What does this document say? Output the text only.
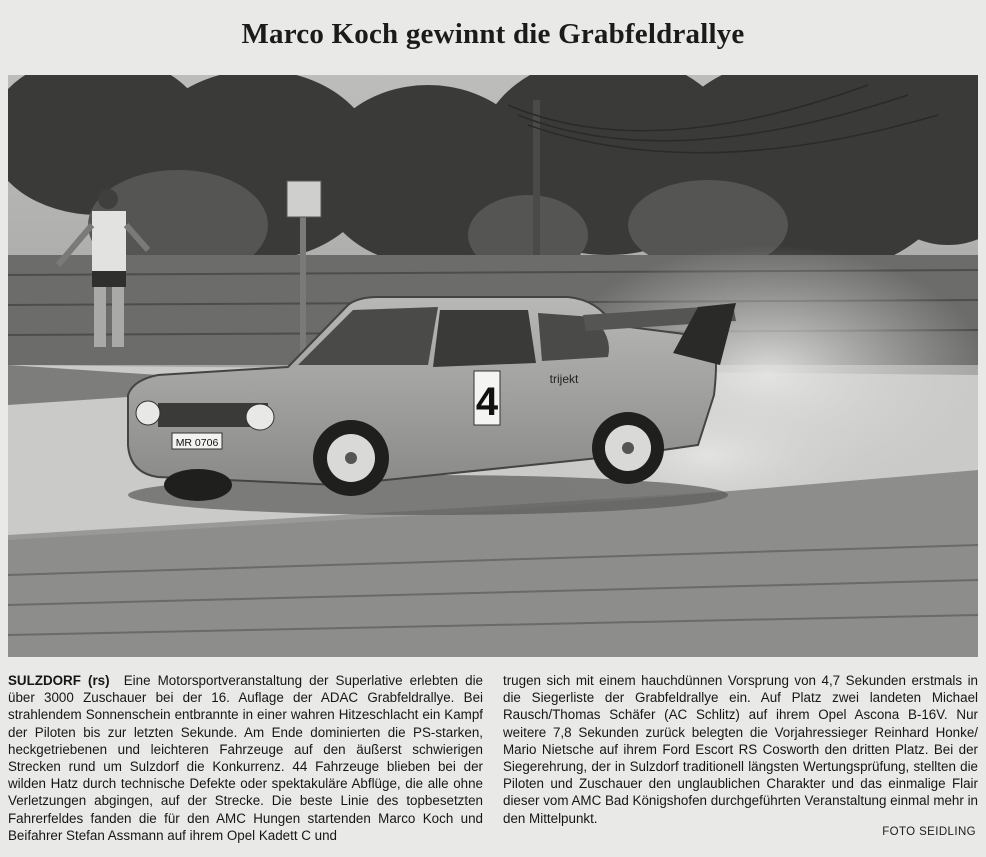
Marco Koch gewinnt die Grabfeldrallye
MR 0706
4
trijekt
SULZDORF (rs) Eine Motorsportveranstaltung der Superlative erlebten die über 3000 Zuschauer bei der 16. Auflage der ADAC Grabfeldrallye. Bei strahlendem Sonnenschein entbrannte in einer wahren Hitzeschlacht ein Kampf der Piloten bis zur letzten Sekunde. Am Ende dominierten die PS-starken, heckgetriebenen und leichteren Fahrzeuge auf den äußerst schwierigen Strecken rund um Sulzdorf die Konkurrenz. 44 Fahrzeuge blieben bei der wilden Hatz durch technische Defekte oder spektakuläre Abflüge, die alle ohne Verletzungen abgingen, auf der Strecke. Die beste Linie des topbesetzten Fahrerfeldes fanden die für den AMC Hungen startenden Marco Koch und Beifahrer Stefan Assmann auf ihrem Opel Kadett C und
trugen sich mit einem hauchdünnen Vorsprung von 4,7 Sekunden erstmals in die Siegerliste der Grabfeldrallye ein. Auf Platz zwei landeten Michael Rausch/Thomas Schäfer (AC Schlitz) auf ihrem Opel Ascona B-16V. Nur weitere 7,8 Sekunden zurück belegten die Vorjahressieger Reinhard Honke/ Mario Nietsche auf ihrem Ford Escort RS Cosworth den dritten Platz. Bei der Siegerehrung, der in Sulzdorf traditionell längsten Wertungsprüfung, stellten die Piloten und Zuschauer den unglaublichen Charakter und das einmalige Flair dieser vom AMC Bad Königshofen durchgeführten Veranstaltung einmal mehr in den Mittelpunkt.
FOTO SEIDLING
